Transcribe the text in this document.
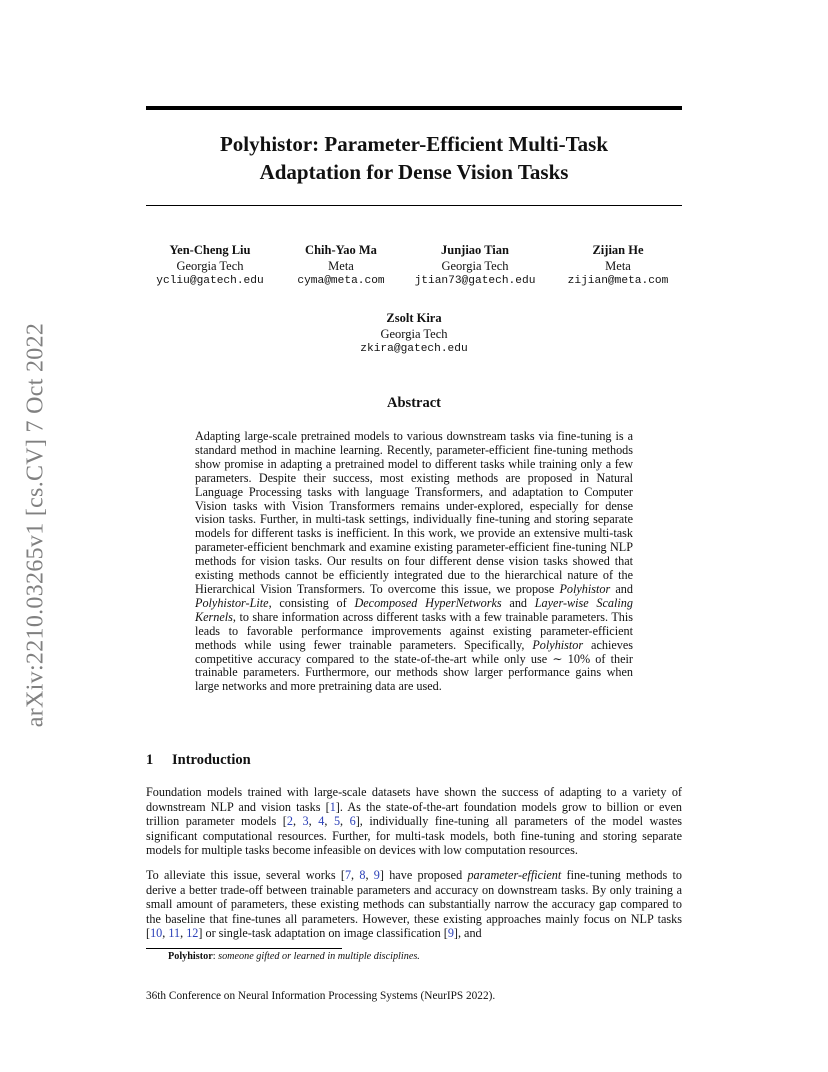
arXiv:2210.03265v1 [cs.CV] 7 Oct 2022
Polyhistor: Parameter-Efficient Multi-Task
Adaptation for Dense Vision Tasks
Yen-Cheng Liu
Georgia Tech
ycliu@gatech.edu
Chih-Yao Ma
Meta
cyma@meta.com
Junjiao Tian
Georgia Tech
jtian73@gatech.edu
Zijian He
Meta
zijian@meta.com
Zsolt Kira
Georgia Tech
zkira@gatech.edu
Abstract
Adapting large-scale pretrained models to various downstream tasks via fine-tuning is a standard method in machine learning. Recently, parameter-efficient fine-tuning methods show promise in adapting a pretrained model to different tasks while training only a few parameters. Despite their success, most existing methods are proposed in Natural Language Processing tasks with language Transformers, and adaptation to Computer Vision tasks with Vision Transformers remains under-explored, especially for dense vision tasks. Further, in multi-task settings, individually fine-tuning and storing separate models for different tasks is inefficient. In this work, we provide an extensive multi-task parameter-efficient benchmark and examine existing parameter-efficient fine-tuning NLP methods for vision tasks. Our results on four different dense vision tasks showed that existing methods cannot be efficiently integrated due to the hierarchical nature of the Hierarchical Vision Transformers. To overcome this issue, we propose Polyhistor and Polyhistor-Lite, consisting of Decomposed HyperNetworks and Layer-wise Scaling Kernels, to share information across different tasks with a few trainable parameters. This leads to favorable performance improvements against existing parameter-efficient methods while using fewer trainable parameters. Specifically, Polyhistor achieves competitive accuracy compared to the state-of-the-art while only use ∼ 10% of their trainable parameters. Furthermore, our methods show larger performance gains when large networks and more pretraining data are used.
1 Introduction
Foundation models trained with large-scale datasets have shown the success of adapting to a variety of downstream NLP and vision tasks [1]. As the state-of-the-art foundation models grow to billion or even trillion parameter models [2, 3, 4, 5, 6], individually fine-tuning all parameters of the model wastes significant computational resources. Further, for multi-task models, both fine-tuning and storing separate models for multiple tasks become infeasible on devices with low computation resources.
To alleviate this issue, several works [7, 8, 9] have proposed parameter-efficient fine-tuning methods to derive a better trade-off between trainable parameters and accuracy on downstream tasks. By only training a small amount of parameters, these existing methods can substantially narrow the accuracy gap compared to the baseline that fine-tunes all parameters. However, these existing approaches mainly focus on NLP tasks [10, 11, 12] or single-task adaptation on image classification [9], and
Polyhistor: someone gifted or learned in multiple disciplines.
36th Conference on Neural Information Processing Systems (NeurIPS 2022).
